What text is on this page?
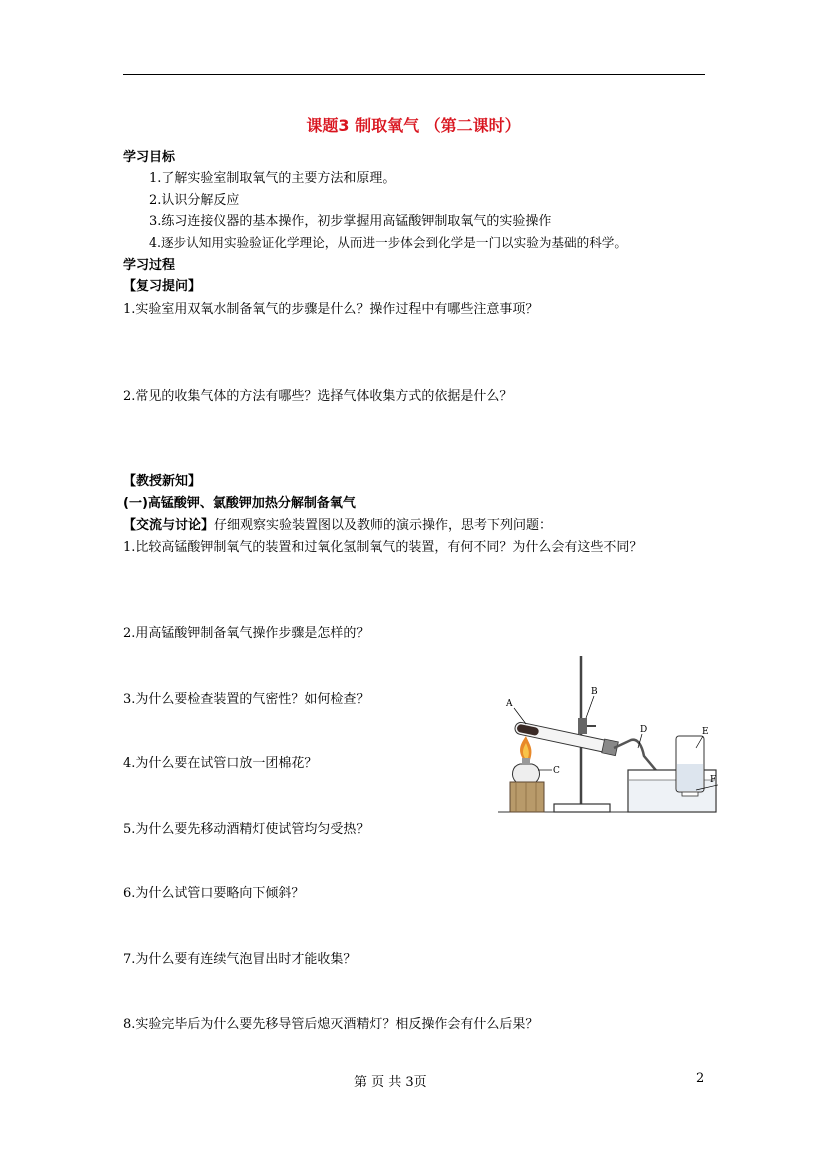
课题3 制取氧气 （第二课时）
学习目标
1.了解实验室制取氧气的主要方法和原理。
2.认识分解反应
3.练习连接仪器的基本操作，初步掌握用高锰酸钾制取氧气的实验操作
4.逐步认知用实验验证化学理论，从而进一步体会到化学是一门以实验为基础的科学。
学习过程
【复习提问】
1.实验室用双氧水制备氧气的步骤是什么？操作过程中有哪些注意事项？
2.常见的收集气体的方法有哪些？选择气体收集方式的依据是什么？
【教授新知】
(一)高锰酸钾、氯酸钾加热分解制备氧气
【交流与讨论】仔细观察实验装置图以及教师的演示操作，思考下列问题：
1.比较高锰酸钾制氧气的装置和过氧化氢制氧气的装置，有何不同？为什么会有这些不同？
2.用高锰酸钾制备氧气操作步骤是怎样的？
3.为什么要检查装置的气密性？如何检查？
4.为什么要在试管口放一团棉花？
5.为什么要先移动酒精灯使试管均匀受热？
6.为什么试管口要略向下倾斜？
7.为什么要有连续气泡冒出时才能收集？
8.实验完毕后为什么要先移导管后熄灭酒精灯？相反操作会有什么后果？
A
B
C
D	E
F
第 页 共 3页	2
